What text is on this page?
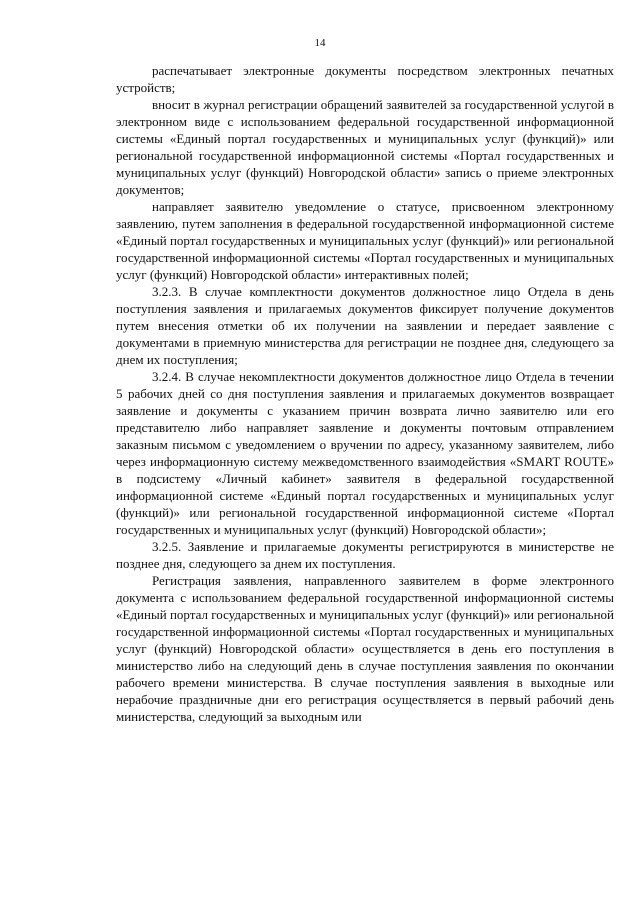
14

распечатывает электронные документы посредством электронных печатных устройств;

вносит в журнал регистрации обращений заявителей за государственной услугой в электронном виде с использованием федеральной государственной информационной системы «Единый портал государственных и муниципальных услуг (функций)» или региональной государственной информационной системы «Портал государственных и муниципальных услуг (функций) Новгородской области» запись о приеме электронных документов;

направляет заявителю уведомление о статусе, присвоенном электронному заявлению, путем заполнения в федеральной государственной информационной системе «Единый портал государственных и муниципальных услуг (функций)» или региональной государственной информационной системы «Портал государственных и муниципальных услуг (функций) Новгородской области» интерактивных полей;

3.2.3. В случае комплектности документов должностное лицо Отдела в день поступления заявления и прилагаемых документов фиксирует получение документов путем внесения отметки об их получении на заявлении и передает заявление с документами в приемную министерства для регистрации не позднее дня, следующего за днем их поступления;

3.2.4. В случае некомплектности документов должностное лицо Отдела в течении 5 рабочих дней со дня поступления заявления и прилагаемых документов возвращает заявление и документы с указанием причин возврата лично заявителю или его представителю либо направляет заявление и документы почтовым отправлением заказным письмом с уведомлением о вручении по адресу, указанному заявителем, либо через информационную систему межведомственного взаимодействия «SMART ROUTE» в подсистему «Личный кабинет» заявителя в федеральной государственной информационной системе «Единый портал государственных и муниципальных услуг (функций)» или региональной государственной информационной системе «Портал государственных и муниципальных услуг (функций) Новгородской области»;

3.2.5. Заявление и прилагаемые документы регистрируются в министерстве не позднее дня, следующего за днем их поступления.

Регистрация заявления, направленного заявителем в форме электронного документа с использованием федеральной государственной информационной системы «Единый портал государственных и муниципальных услуг (функций)» или региональной государственной информационной системы «Портал государственных и муниципальных услуг (функций) Новгородской области» осуществляется в день его поступления в министерство либо на следующий день в случае поступления заявления по окончании рабочего времени министерства. В случае поступления заявления в выходные или нерабочие праздничные дни его регистрация осуществляется в первый рабочий день министерства, следующий за выходным или
